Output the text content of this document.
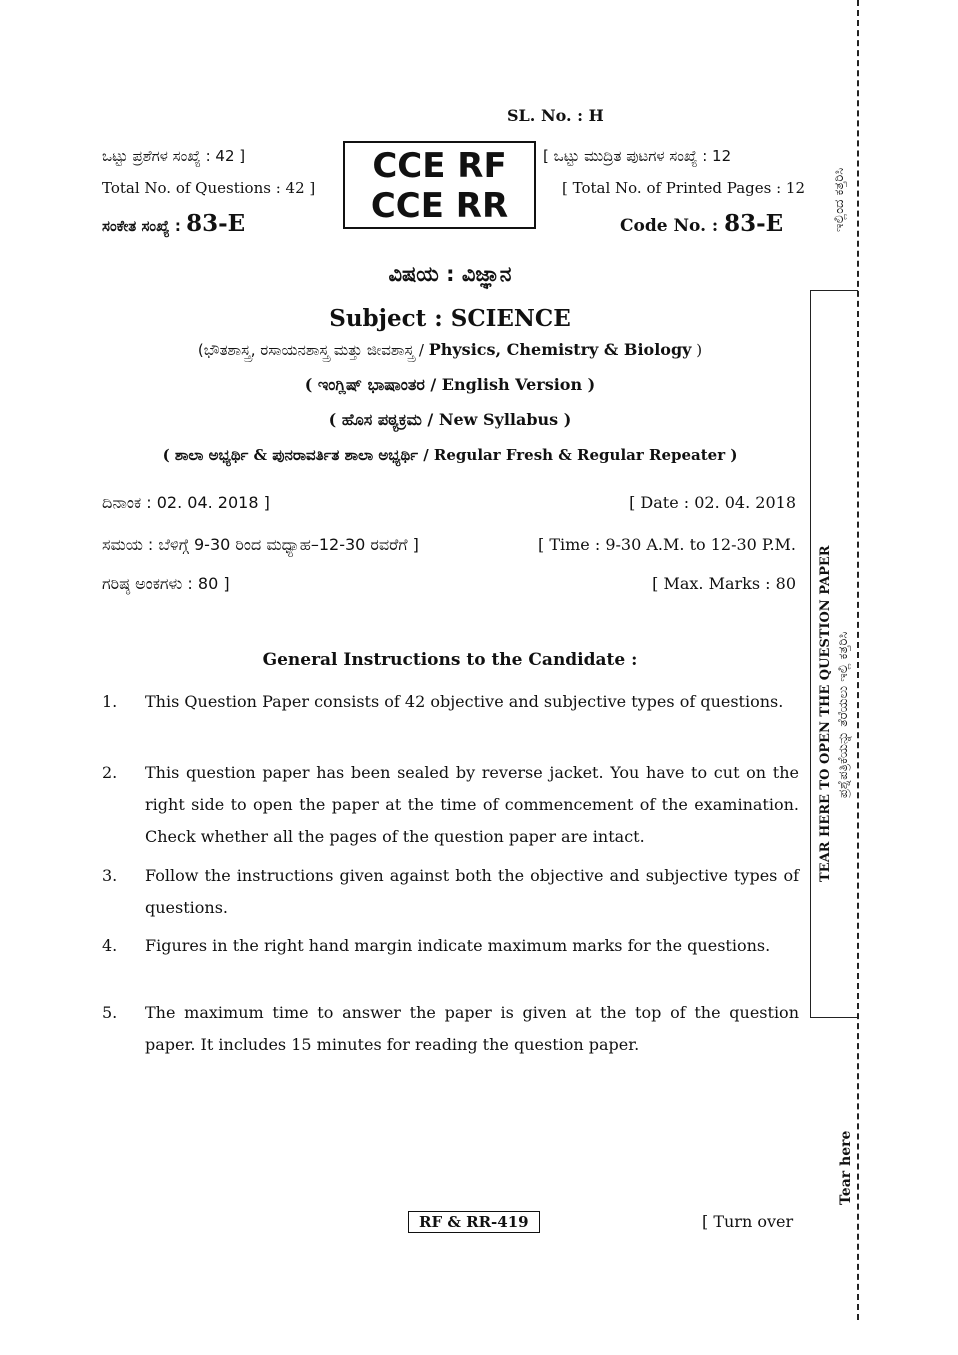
SL. No. : H
ಒಟ್ಟು ಪ್ರಶೆಗಳ ಸಂಖ್ಯೆ : 42 ]
Total No. of Questions : 42 ]
ಸಂಕೇತ ಸಂಖ್ಯೆ : 83-E
CCE RF
CCE RR
[ ಒಟ್ಟು ಮುದ್ರಿತ ಪುಟಗಳ ಸಂಖ್ಯೆ : 12
[ Total No. of Printed Pages : 12
Code No. : 83-E
ವಿಷಯ : ವಿಜ್ಞಾನ
Subject : SCIENCE
(ಭೌತಶಾಸ್ತ್ರ, ರಸಾಯನಶಾಸ್ತ್ರ ಮತ್ತು ಜೀವಶಾಸ್ತ್ರ / Physics, Chemistry & Biology )
( ಇಂಗ್ಲಿಷ್ ಭಾಷಾಂತರ / English Version )
( ಹೊಸ ಪಠ್ಯಕ್ರಮ / New Syllabus )
( ಶಾಲಾ ಅಭ್ಯರ್ಥಿ & ಪುನರಾವರ್ತಿತ ಶಾಲಾ ಅಭ್ಯರ್ಥಿ / Regular Fresh & Regular Repeater )
ದಿನಾಂಕ : 02. 04. 2018 ]	[ Date : 02. 04. 2018
ಸಮಯ : ಬೆಳಿಗ್ಗೆ 9-30 ರಿಂದ ಮಧ್ಯಾಹ–12-30 ರವರೆಗೆ ]	[ Time : 9-30 A.M. to 12-30 P.M.
ಗರಿಷ್ಠ ಅಂಕಗಳು : 80 ]	[ Max. Marks : 80
General Instructions to the Candidate :
1. This Question Paper consists of 42 objective and subjective types of questions.
2. This question paper has been sealed by reverse jacket. You have to cut on the right side to open the paper at the time of commencement of the examination. Check whether all the pages of the question paper are intact.
3. Follow the instructions given against both the objective and subjective types of questions.
4. Figures in the right hand margin indicate maximum marks for the questions.
5. The maximum time to answer the paper is given at the top of the question paper. It includes 15 minutes for reading the question paper.
ಇಲ್ಲಿಂದ ಕತ್ತರಿಸಿ
TEAR HERE TO OPEN THE QUESTION PAPER ಪ್ರಶ್ನೆಪತ್ರಿಕೆಯನ್ನು ತೆರೆಯಲು ಇಲ್ಲಿ ಕತ್ತರಿಸಿ
Tear here
RF & RR-419	[ Turn over
